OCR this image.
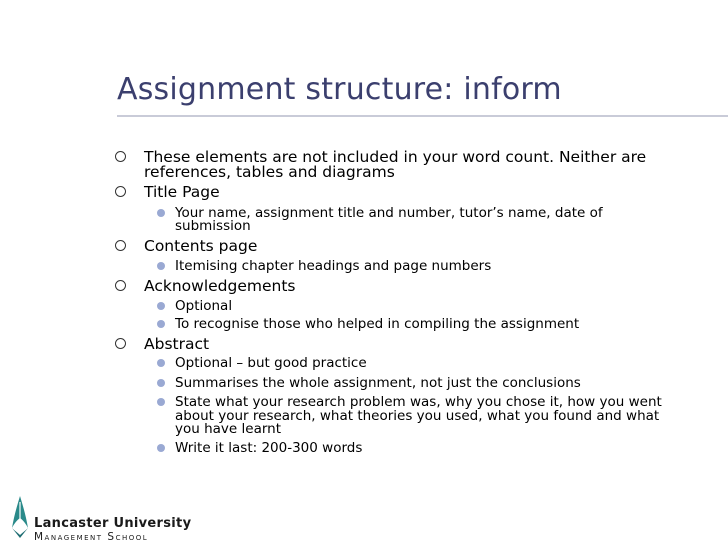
Assignment structure: inform
These elements are not included in your word count. Neither are
references, tables and diagrams
Title Page
Your name, assignment title and number, tutor’s name, date of
submission
Contents page
Itemising chapter headings and page numbers
Acknowledgements
Optional
To recognise those who helped in compiling the assignment
Abstract
Optional – but good practice
Summarises the whole assignment, not just the conclusions
State what your research problem was, why you chose it, how you went
about your research, what theories you used, what you found and what
you have learnt
Write it last: 200-300 words
Lancaster University
Management School
